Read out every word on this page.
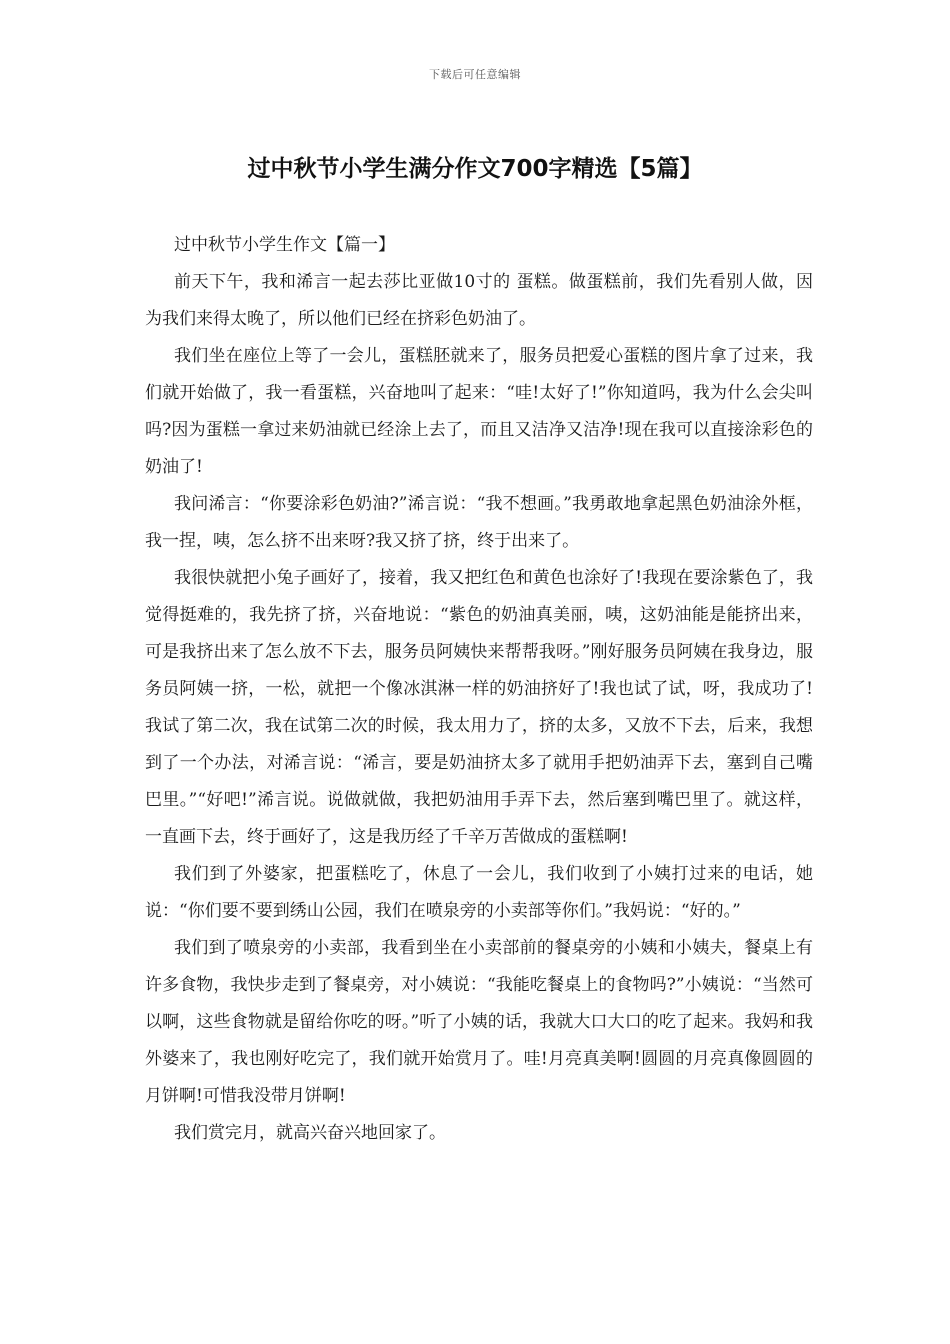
下载后可任意编辑
过中秋节小学生满分作文700字精选【5篇】

过中秋节小学生作文【篇一】

前天下午，我和浠言一起去莎比亚做10寸的 蛋糕。做蛋糕前，我们先看别人做，因为我们来得太晚了，所以他们已经在挤彩色奶油了。

我们坐在座位上等了一会儿，蛋糕胚就来了，服务员把爱心蛋糕的图片拿了过来，我们就开始做了，我一看蛋糕，兴奋地叫了起来：“哇!太好了!”你知道吗，我为什么会尖叫吗?因为蛋糕一拿过来奶油就已经涂上去了，而且又洁净又洁净!现在我可以直接涂彩色的奶油了!

我问浠言：“你要涂彩色奶油?”浠言说：“我不想画。”我勇敢地拿起黑色奶油涂外框，我一捏，咦，怎么挤不出来呀?我又挤了挤，终于出来了。

我很快就把小兔子画好了，接着，我又把红色和黄色也涂好了!我现在要涂紫色了，我觉得挺难的，我先挤了挤，兴奋地说：“紫色的奶油真美丽，咦，这奶油能是能挤出来，可是我挤出来了怎么放不下去，服务员阿姨快来帮帮我呀。”刚好服务员阿姨在我身边，服务员阿姨一挤，一松，就把一个像冰淇淋一样的奶油挤好了!我也试了试，呀，我成功了!我试了第二次，我在试第二次的时候，我太用力了，挤的太多，又放不下去，后来，我想到了一个办法，对浠言说：“浠言，要是奶油挤太多了就用手把奶油弄下去，塞到自己嘴巴里。”“好吧!”浠言说。说做就做，我把奶油用手弄下去，然后塞到嘴巴里了。就这样，一直画下去，终于画好了，这是我历经了千辛万苦做成的蛋糕啊!

我们到了外婆家，把蛋糕吃了，休息了一会儿，我们收到了小姨打过来的电话，她说：“你们要不要到绣山公园，我们在喷泉旁的小卖部等你们。”我妈说：“好的。”

我们到了喷泉旁的小卖部，我看到坐在小卖部前的餐桌旁的小姨和小姨夫，餐桌上有许多食物，我快步走到了餐桌旁，对小姨说：“我能吃餐桌上的食物吗?”小姨说：“当然可以啊，这些食物就是留给你吃的呀。”听了小姨的话，我就大口大口的吃了起来。我妈和我外婆来了，我也刚好吃完了，我们就开始赏月了。哇!月亮真美啊!圆圆的月亮真像圆圆的月饼啊!可惜我没带月饼啊!

我们赏完月，就高兴奋兴地回家了。
